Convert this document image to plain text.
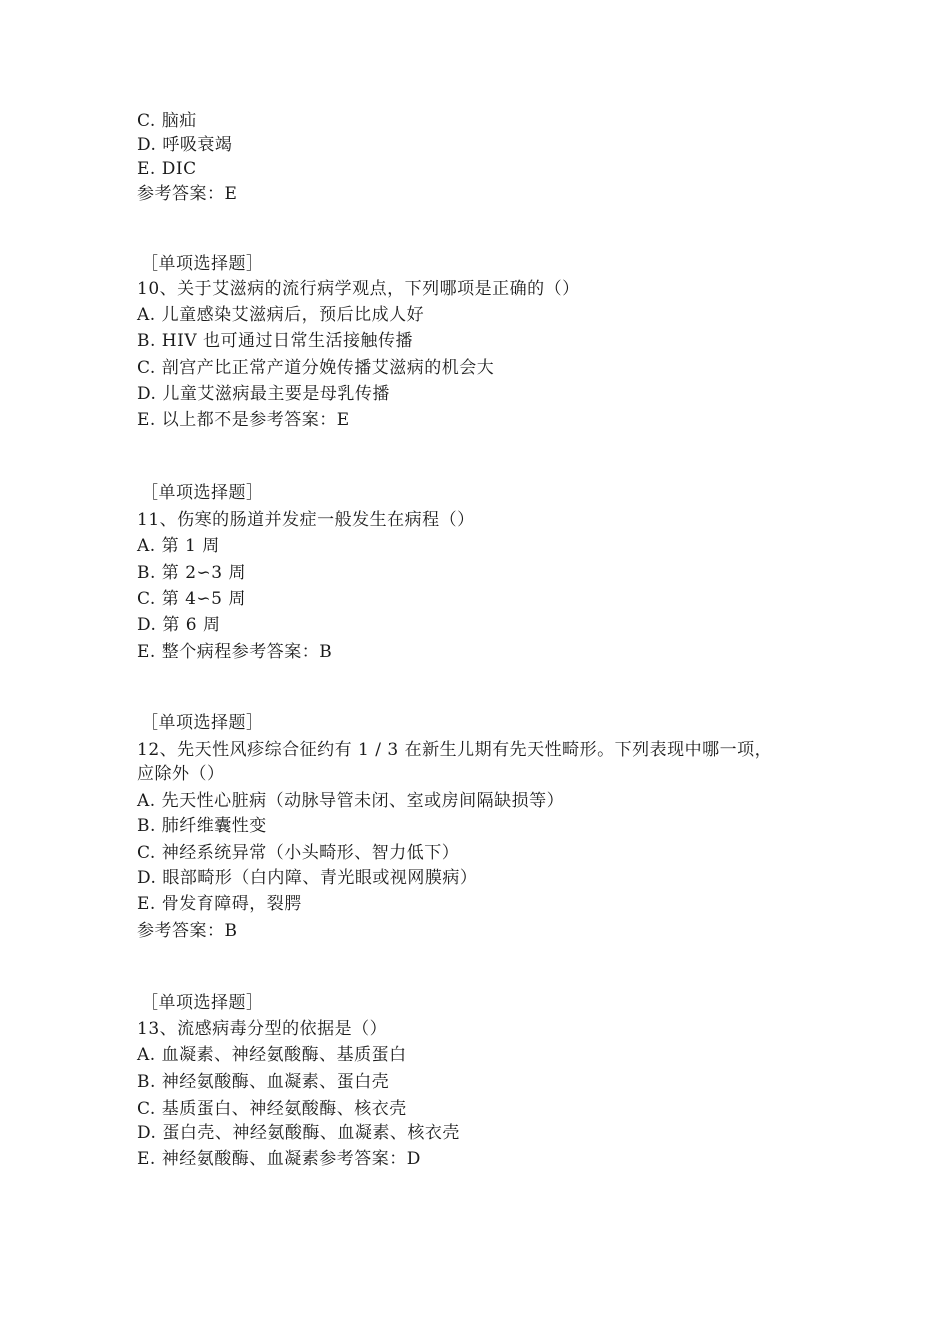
C. 脑疝
D. 呼吸衰竭
E. DIC
参考答案：E
［单项选择题］
10、关于艾滋病的流行病学观点，下列哪项是正确的（）
A. 儿童感染艾滋病后，预后比成人好
B. HIV 也可通过日常生活接触传播
C. 剖宫产比正常产道分娩传播艾滋病的机会大
D. 儿童艾滋病最主要是母乳传播
E. 以上都不是参考答案：E
［单项选择题］
11、伤寒的肠道并发症一般发生在病程（）
A. 第 1 周
B. 第 2∽3 周
C. 第 4∽5 周
D. 第 6 周
E. 整个病程参考答案：B
［单项选择题］
12、先天性风疹综合征约有 1 / 3 在新生儿期有先天性畸形。下列表现中哪一项，
应除外（）
A. 先天性心脏病（动脉导管未闭、室或房间隔缺损等）
B. 肺纤维囊性变
C. 神经系统异常（小头畸形、智力低下）
D. 眼部畸形（白内障、青光眼或视网膜病）
E. 骨发育障碍，裂腭
参考答案：B
［单项选择题］
13、流感病毒分型的依据是（）
A. 血凝素、神经氨酸酶、基质蛋白
B. 神经氨酸酶、血凝素、蛋白壳
C. 基质蛋白、神经氨酸酶、核衣壳
D. 蛋白壳、神经氨酸酶、血凝素、核衣壳
E. 神经氨酸酶、血凝素参考答案：D
